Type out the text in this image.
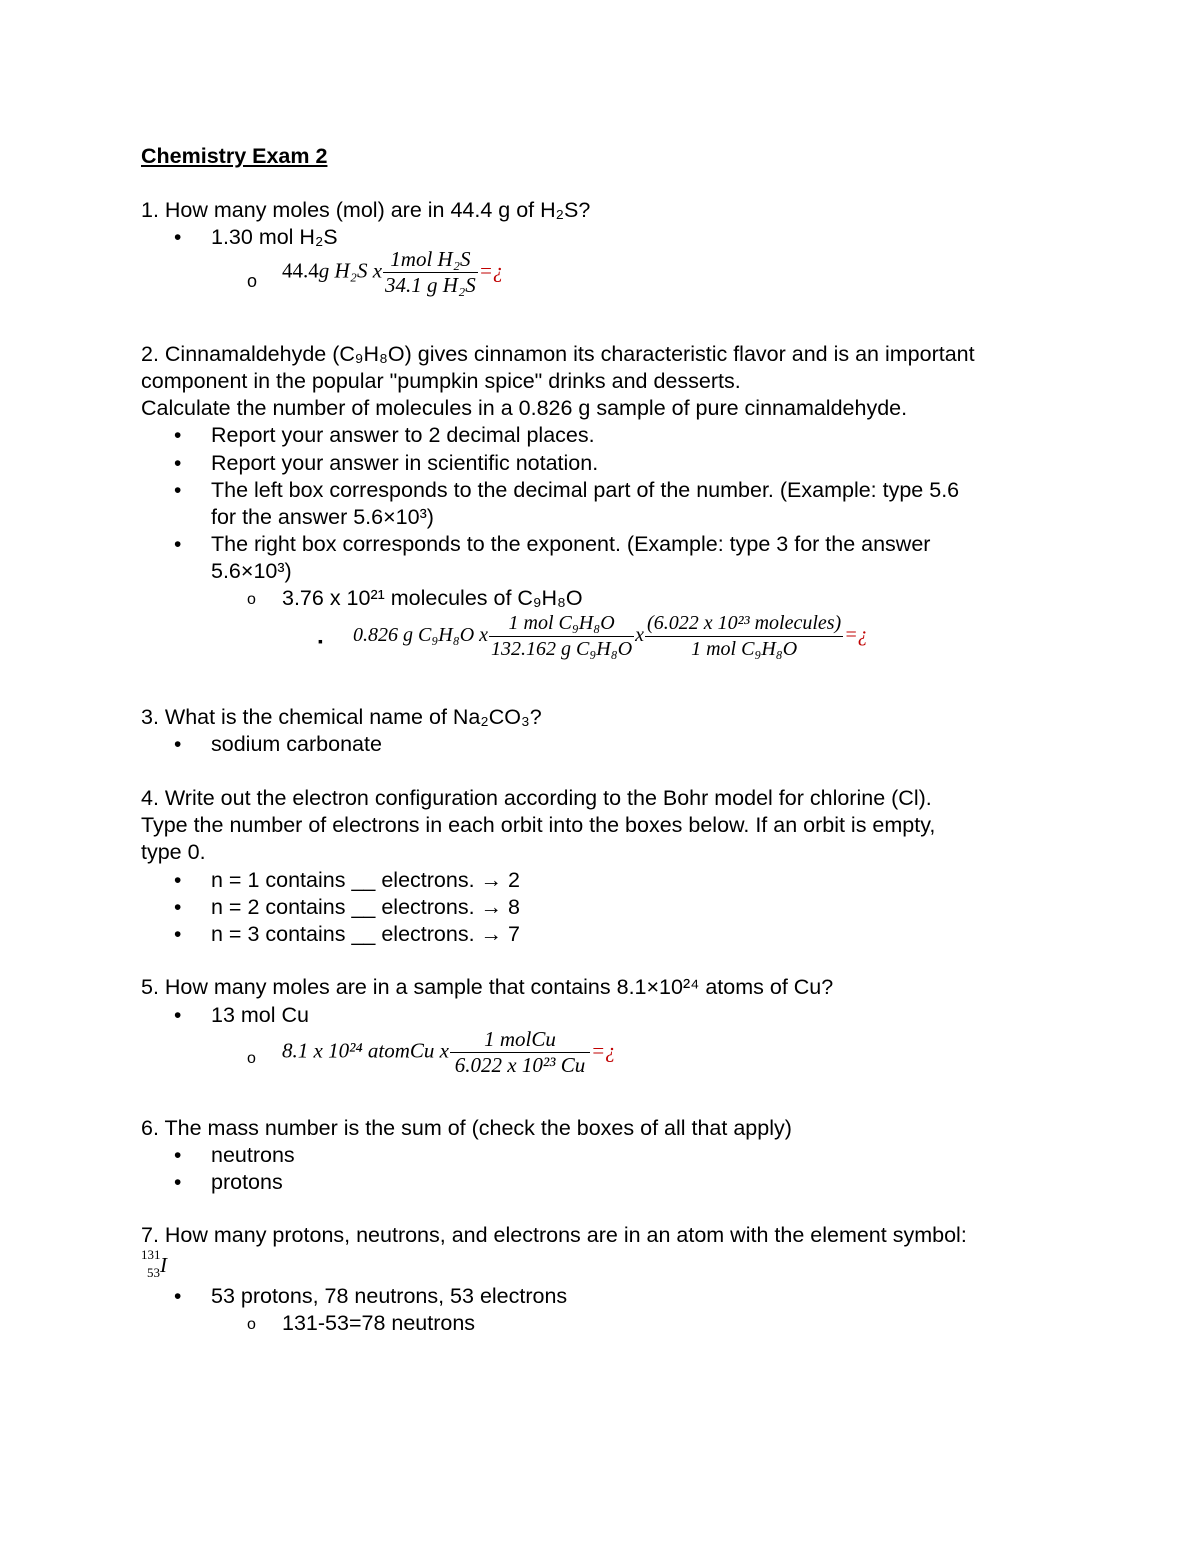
Chemistry Exam 2
1. How many moles (mol) are in 44.4 g of H₂S?
• 1.30 mol H₂S
o 44.4g H₂S x $\frac{\text{1mol H₂S}}{\text{34.1 g H₂S}}$ =¿
2. Cinnamaldehyde (C₉H₈O) gives cinnamon its characteristic flavor and is an important
component in the popular "pumpkin spice" drinks and desserts.
Calculate the number of molecules in a 0.826 g sample of pure cinnamaldehyde.
• Report your answer to 2 decimal places.
• Report your answer in scientific notation.
• The left box corresponds to the decimal part of the number. (Example: type 5.6
for the answer 5.6×10³)
• The right box corresponds to the exponent. (Example: type 3 for the answer
5.6×10³)
o 3.76 x 10²¹ molecules of C₉H₈O
▪ 0.826 g C₉H₈O x $\frac{\text{1 mol C₉H₈O}}{\text{132.162 g C₉H₈O}}$ x $\frac{\text{(6.022 x 10²³ molecules)}}{\text{1 mol C₉H₈O}}$ =¿
3. What is the chemical name of Na₂CO₃?
• sodium carbonate
4. Write out the electron configuration according to the Bohr model for chlorine (Cl).
Type the number of electrons in each orbit into the boxes below. If an orbit is empty,
type 0.
• n = 1 contains __ electrons. → 2
• n = 2 contains __ electrons. → 8
• n = 3 contains __ electrons. → 7
5. How many moles are in a sample that contains 8.1×10²⁴ atoms of Cu?
• 13 mol Cu
o 8.1 x 10²⁴ atomCu x $\frac{\text{1 molCu}}{\text{6.022 x 10²³ Cu}}$ =¿
6. The mass number is the sum of (check the boxes of all that apply)
• neutrons
• protons
7. How many protons, neutrons, and electrons are in an atom with the element symbol:
131
53 I
• 53 protons, 78 neutrons, 53 electrons
o 131-53=78 neutrons
